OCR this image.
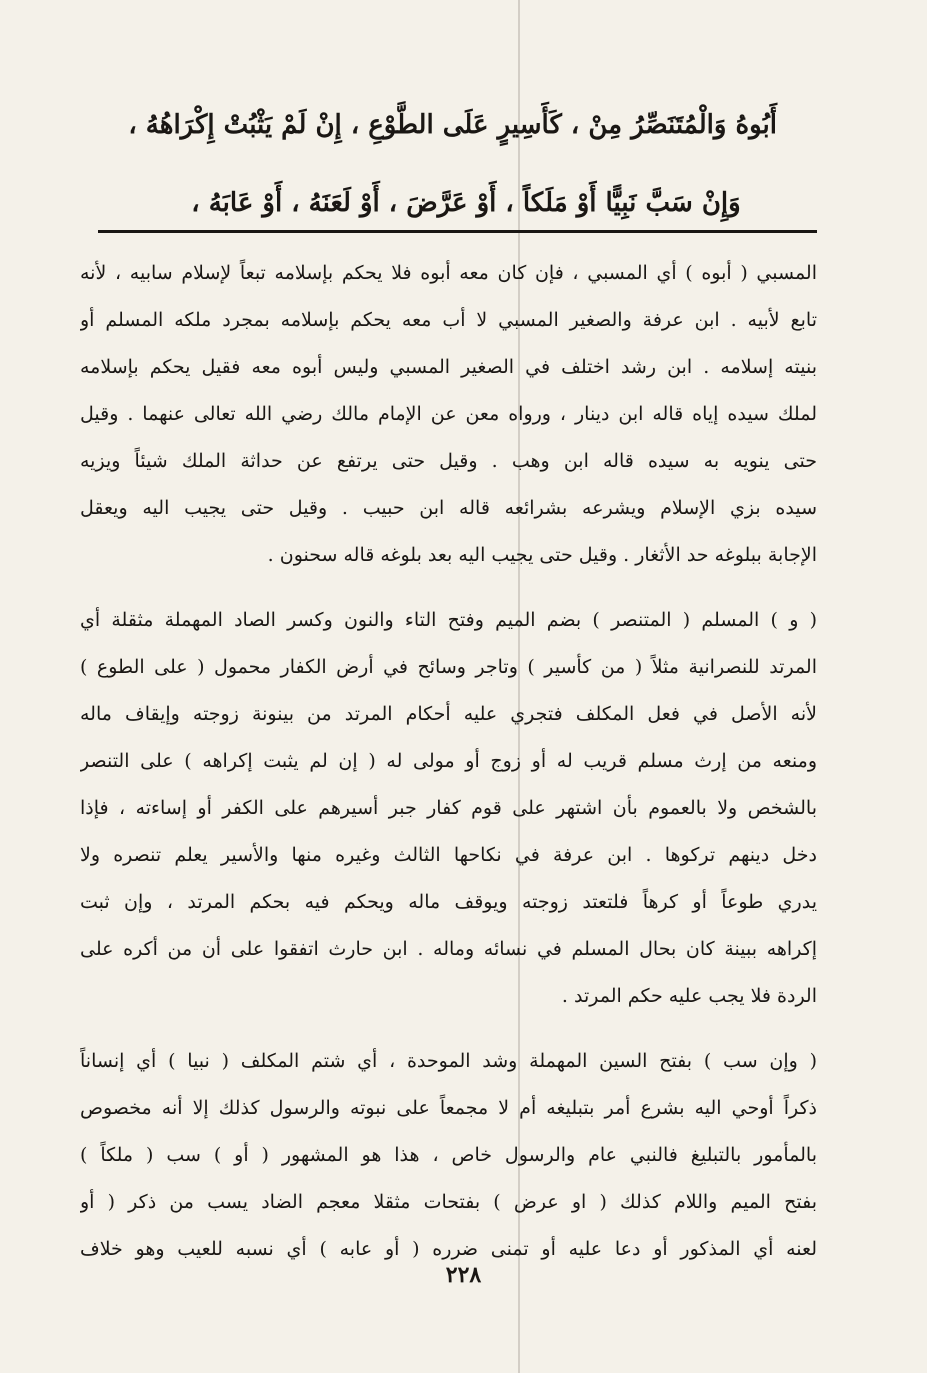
أَبُوهُ وَالْمُتَنَصِّرُ مِنْ ، كَأَسِيرٍ عَلَى الطَّوْعِ ، إِنْ لَمْ يَثْبُتْ إِكْرَاهُهُ ،
وَإِنْ سَبَّ نَبِيًّا أَوْ مَلَكاً ، أَوْ عَرَّضَ ، أَوْ لَعَنَهُ ، أَوْ عَابَهُ ،
المسبي ( أبوه ) أي المسبي ، فإن كان معه أبوه فلا يحكم بإسلامه تبعاً لإسلام سابيه ، لأنه
تابع لأبيه . ابن عرفة والصغير المسبي لا أب معه يحكم بإسلامه بمجرد ملكه المسلم أو
بنيته إسلامه . ابن رشد اختلف في الصغير المسبي وليس أبوه معه فقيل يحكم بإسلامه
لملك سيده إياه قاله ابن دينار ، ورواه معن عن الإمام مالك رضي الله تعالى عنهما . وقيل
حتى ينويه به سيده قاله ابن وهب . وقيل حتى يرتفع عن حداثة الملك شيئاً ويزيه
سيده بزي الإسلام ويشرعه بشرائعه قاله ابن حبيب . وقيل حتى يجيب اليه ويعقل
الإجابة ببلوغه حد الأثغار . وقيل حتى يجيب اليه بعد بلوغه قاله سحنون .
( و ) المسلم ( المتنصر ) بضم الميم وفتح التاء والنون وكسر الصاد المهملة مثقلة أي
المرتد للنصرانية مثلاً ( من كأسير ) وتاجر وسائح في أرض الكفار محمول ( على الطوع )
لأنه الأصل في فعل المكلف فتجري عليه أحكام المرتد من بينونة زوجته وإيقاف ماله
ومنعه من إرث مسلم قريب له أو زوج أو مولى له ( إن لم يثبت إكراهه ) على التنصر
بالشخص ولا بالعموم بأن اشتهر على قوم كفار جبر أسيرهم على الكفر أو إساءته ، فإذا
دخل دينهم تركوها . ابن عرفة في نكاحها الثالث وغيره منها والأسير يعلم تنصره ولا
يدري طوعاً أو كرهاً فلتعتد زوجته ويوقف ماله ويحكم فيه بحكم المرتد ، وإن ثبت
إكراهه ببينة كان بحال المسلم في نسائه وماله . ابن حارث اتفقوا على أن من أكره على
الردة فلا يجب عليه حكم المرتد .
( وإن سب ) بفتح السين المهملة وشد الموحدة ، أي شتم المكلف ( نبيا ) أي إنساناً
ذكراً أوحي اليه بشرع أمر بتبليغه أم لا مجمعاً على نبوته والرسول كذلك إلا أنه مخصوص
بالمأمور بالتبليغ فالنبي عام والرسول خاص ، هذا هو المشهور ( أو ) سب ( ملكاً )
بفتح الميم واللام كذلك ( او عرض ) بفتحات مثقلا معجم الضاد يسب من ذكر ( أو
لعنه أي المذكور أو دعا عليه أو تمنى ضرره ( أو عابه ) أي نسبه للعيب وهو خلاف
٢٢٨
